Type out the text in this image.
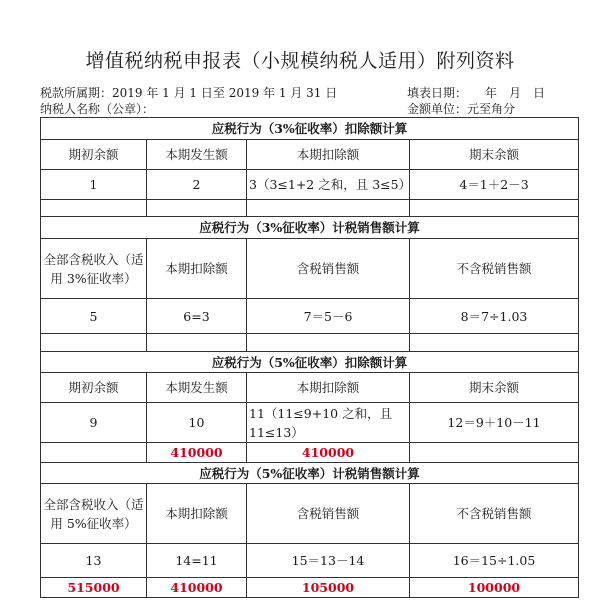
增值税纳税申报表（小规模纳税人适用）附列资料
税款所属期：2019 年 1 月 1 日至 2019 年 1 月 31 日	填表日期：　　年　月　日
纳税人名称（公章）：	金额单位：元至角分
应税行为（3%征收率）扣除额计算			
期初余额	本期发生额	本期扣除额	期末余额
1	2	3（3≤1+2 之和，且 3≤5）	4＝1＋2－3

应税行为（3%征收率）计税销售额计算			
全部含税收入（适用 3%征收率）	本期扣除额	含税销售额	不含税销售额
5	6=3	7＝5－6	8＝7÷1.03

应税行为（5%征收率）扣除额计算			
期初余额	本期发生额	本期扣除额	期末余额
9	10	11（11≤9+10 之和，且 11≤13）	12＝9＋10－11
	410000	410000	
应税行为（5%征收率）计税销售额计算			
全部含税收入（适用 5%征收率）	本期扣除额	含税销售额	不含税销售额
13	14=11	15＝13－14	16＝15÷1.05
515000	410000	105000	100000
